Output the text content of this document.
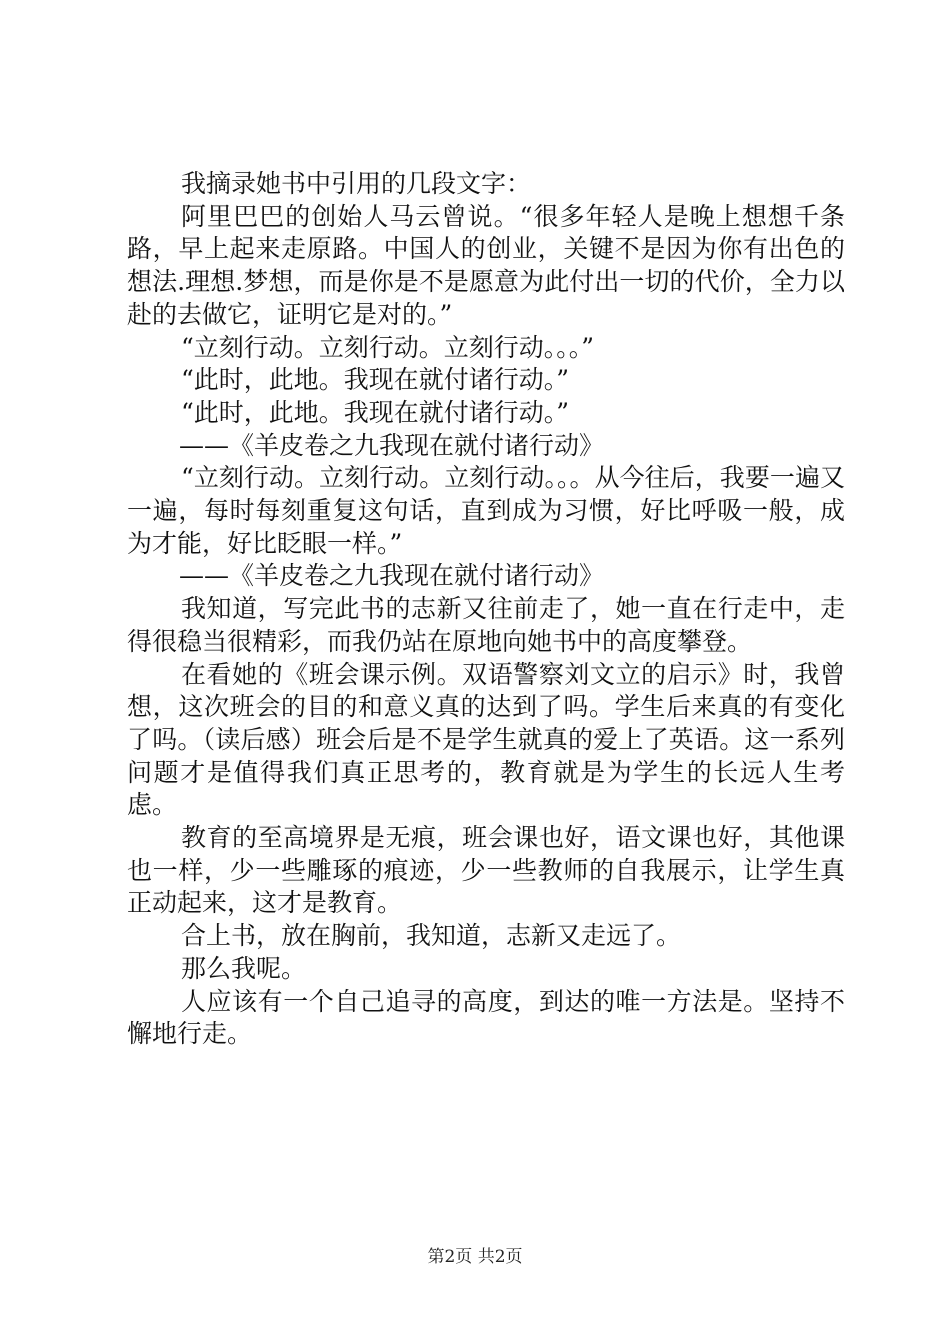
我摘录她书中引用的几段文字：

阿里巴巴的创始人马云曾说。“很多年轻人是晚上想想千条路，早上起来走原路。中国人的创业，关键不是因为你有出色的想法.理想.梦想，而是你是不是愿意为此付出一切的代价，全力以赴的去做它，证明它是对的。”

“立刻行动。立刻行动。立刻行动。。。”

“此时，此地。我现在就付诸行动。”

“此时，此地。我现在就付诸行动。”

——《羊皮卷之九我现在就付诸行动》

“立刻行动。立刻行动。立刻行动。。。从今往后，我要一遍又一遍，每时每刻重复这句话，直到成为习惯，好比呼吸一般，成为才能，好比眨眼一样。”

——《羊皮卷之九我现在就付诸行动》

我知道，写完此书的志新又往前走了，她一直在行走中，走得很稳当很精彩，而我仍站在原地向她书中的高度攀登。

在看她的《班会课示例。双语警察刘文立的启示》时，我曾想，这次班会的目的和意义真的达到了吗。学生后来真的有变化了吗。（读后感）班会后是不是学生就真的爱上了英语。这一系列问题才是值得我们真正思考的，教育就是为学生的长远人生考虑。

教育的至高境界是无痕，班会课也好，语文课也好，其他课也一样，少一些雕琢的痕迹，少一些教师的自我展示，让学生真正动起来，这才是教育。

合上书，放在胸前，我知道，志新又走远了。

那么我呢。

人应该有一个自己追寻的高度，到达的唯一方法是。坚持不懈地行走。

第2页 共2页
